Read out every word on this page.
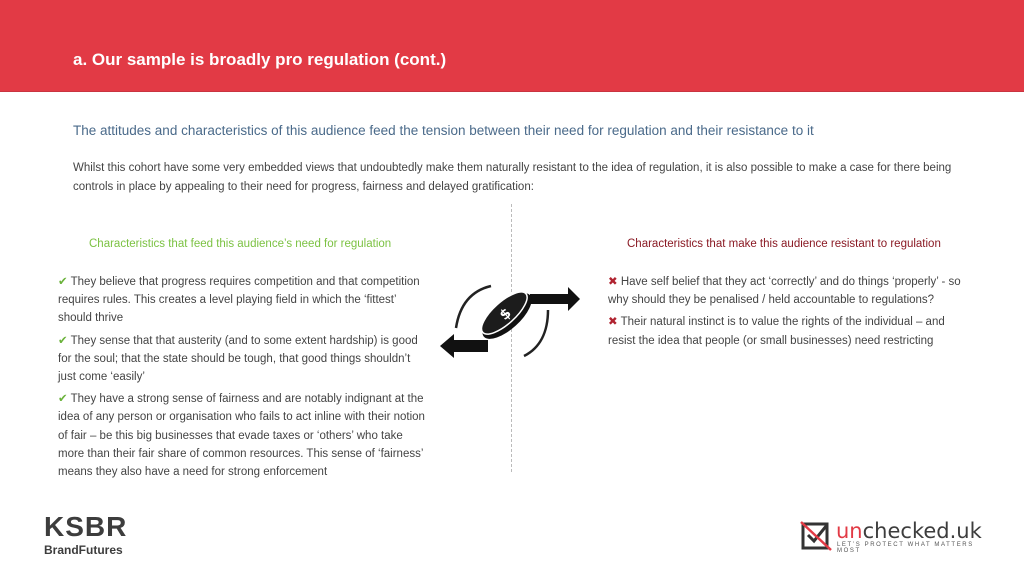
a. Our sample is broadly pro regulation (cont.)
The attitudes and characteristics of this audience feed the tension between their need for regulation and their resistance to it
Whilst this cohort have some very embedded views that undoubtedly make them naturally resistant to the idea of regulation, it is also possible to make a case for there being controls in place by appealing to their need for progress, fairness and delayed gratification:
Characteristics that feed this audience’s need for regulation	Characteristics that make this audience resistant to regulation
✔ They believe that progress requires competition and that competition requires rules. This creates a level playing field in which the ‘fittest’ should thrive
✔ They sense that that austerity (and to some extent hardship) is good for the soul; that the state should be tough, that good things shouldn’t just come ‘easily’
✔ They have a strong sense of fairness and are notably indignant at the idea of any person or organisation who fails to act inline with their notion of fair – be this big businesses that evade taxes or ‘others’ who take more than their fair share of common resources. This sense of ‘fairness’ means they also have a need for strong enforcement
✖ Have self belief that they act ‘correctly’ and do things ‘properly’ - so why should they be penalised / held accountable to regulations?
✖ Their natural instinct is to value the rights of the individual – and resist the idea that people (or small businesses) need restricting
$
KSBR
BrandFutures
unchecked.uk
LET’S PROTECT WHAT MATTERS MOST
